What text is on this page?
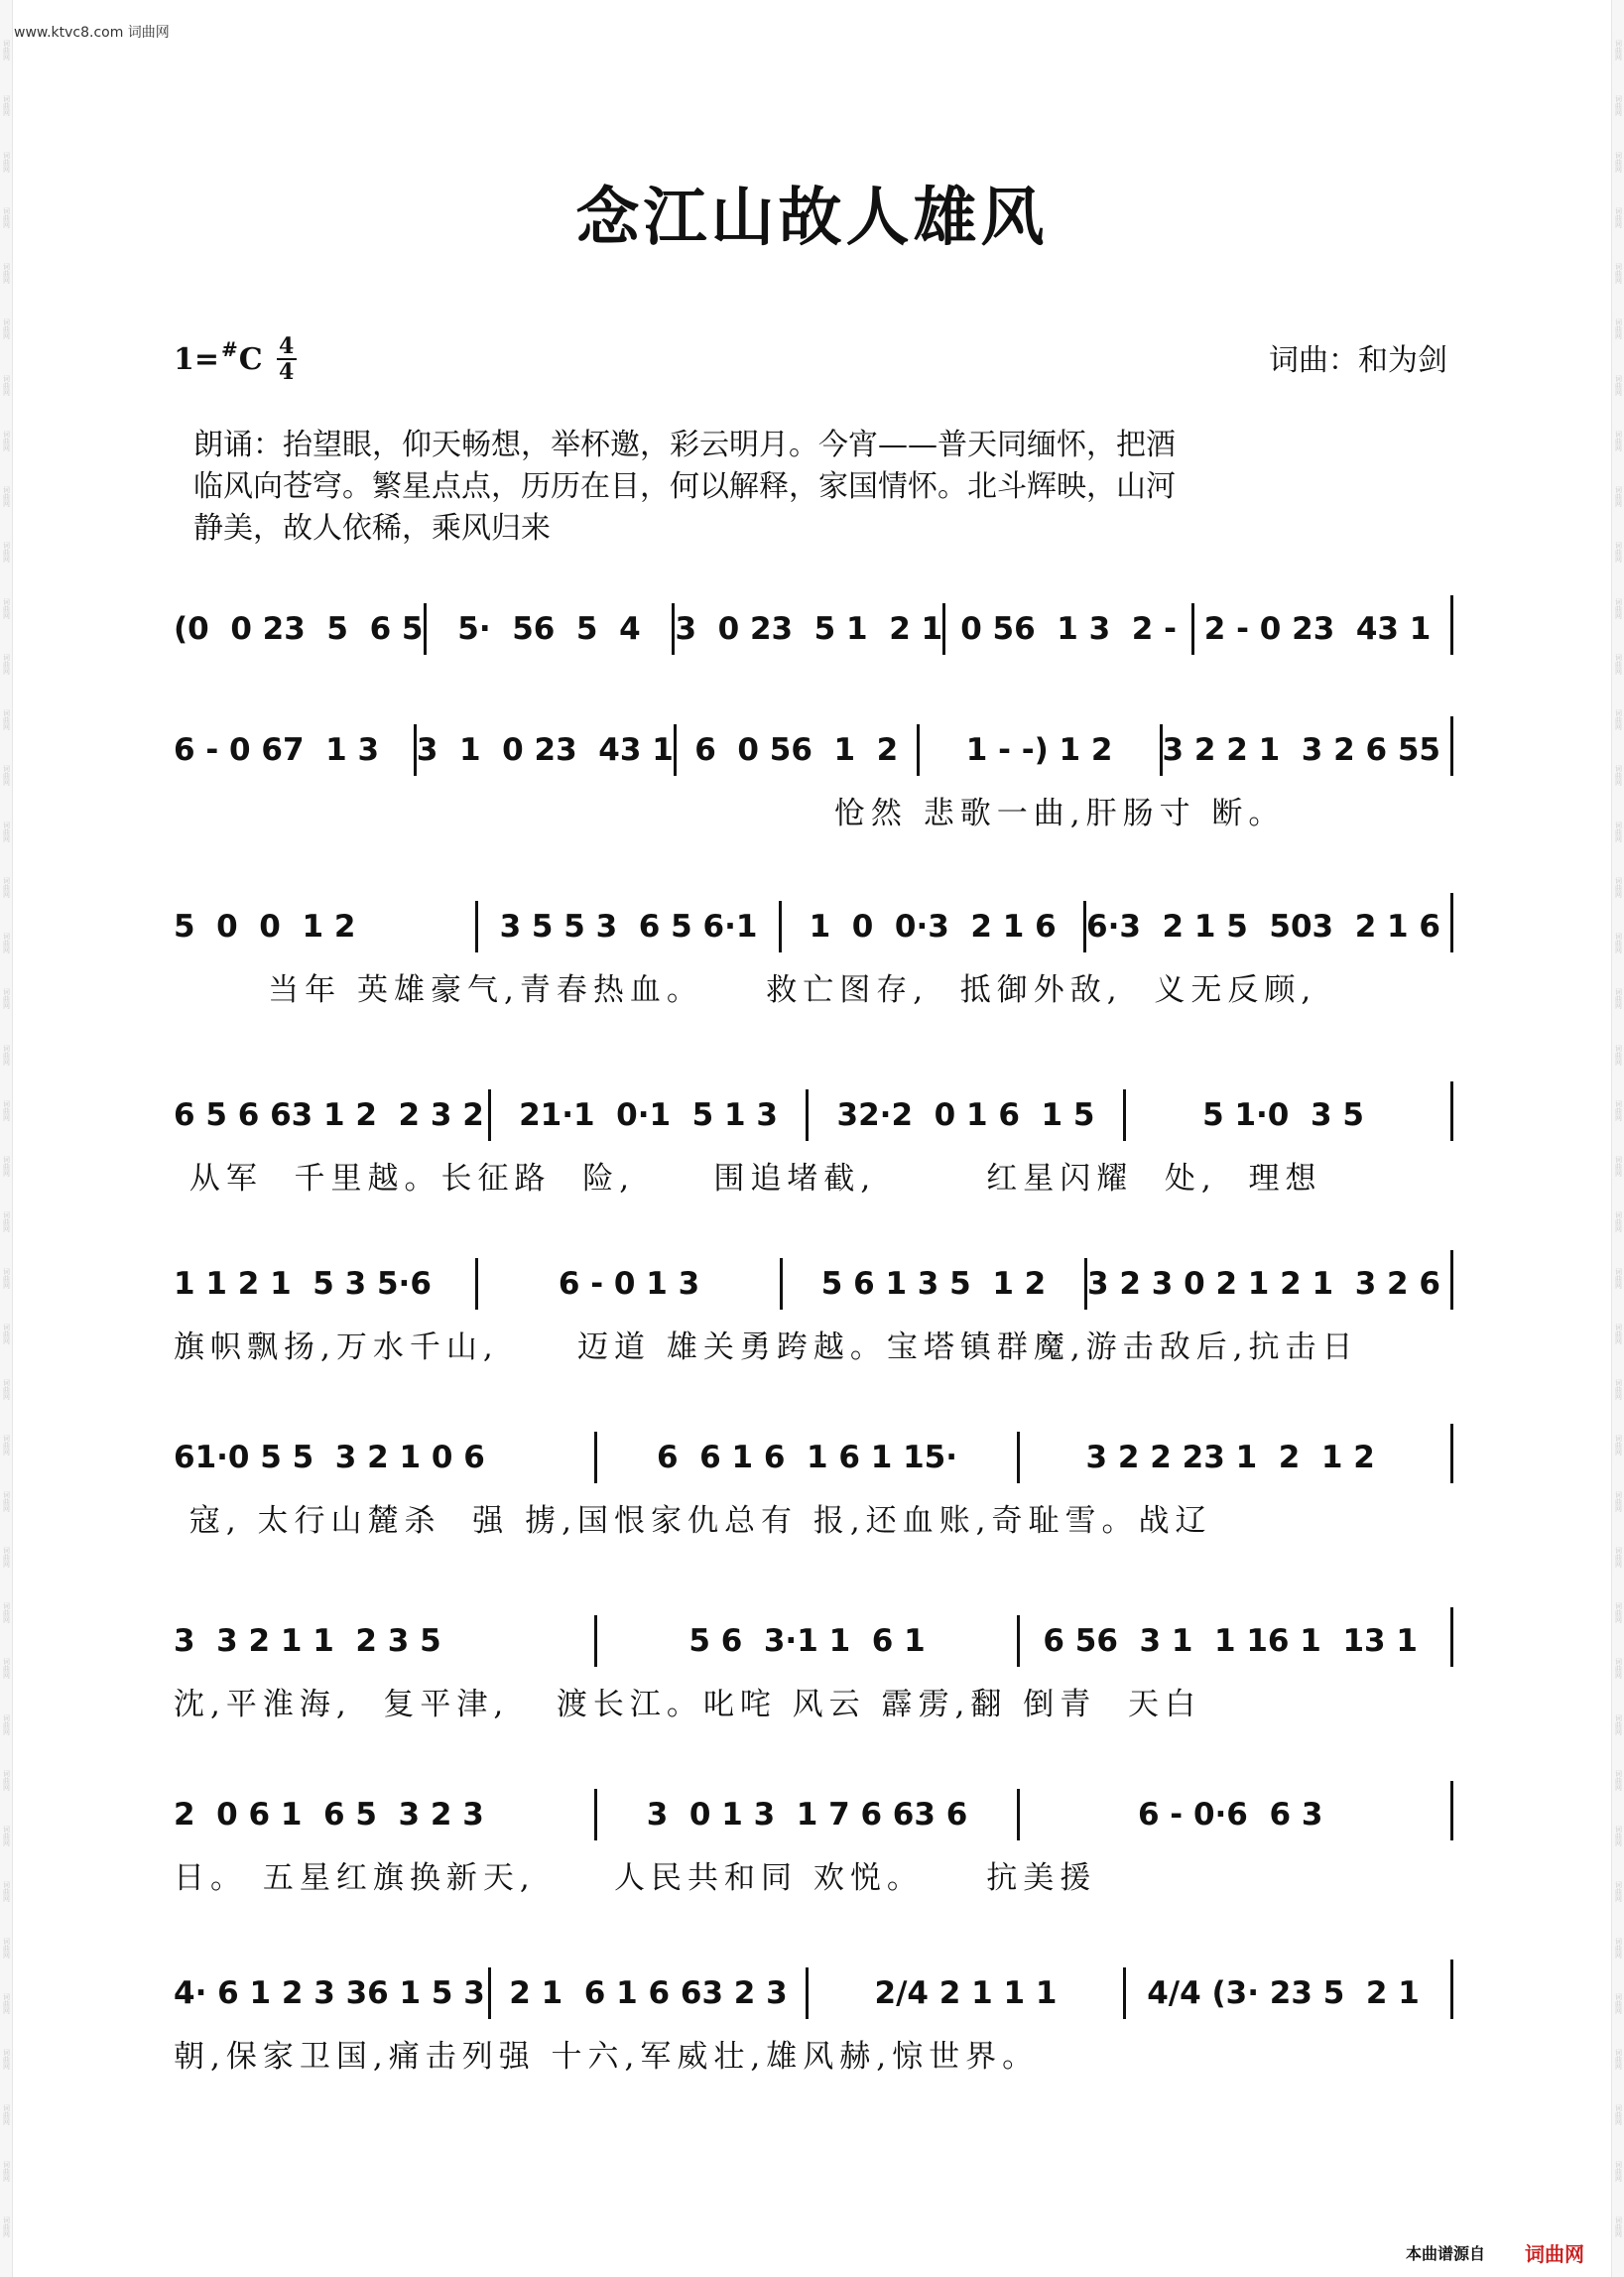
词曲网
词曲网
词曲网
词曲网
词曲网
词曲网
词曲网
词曲网
词曲网
词曲网
词曲网
词曲网
词曲网
词曲网
词曲网
词曲网
词曲网
词曲网
词曲网
词曲网
词曲网
词曲网
词曲网
词曲网
词曲网
词曲网
词曲网
词曲网
词曲网
词曲网
词曲网
词曲网
词曲网
词曲网
词曲网
词曲网
词曲网
词曲网
词曲网
词曲网
词曲网
词曲网
词曲网
词曲网
词曲网
词曲网
词曲网
词曲网
词曲网
词曲网
词曲网
词曲网
词曲网
词曲网
词曲网
词曲网
词曲网
词曲网
词曲网
词曲网
词曲网
词曲网
词曲网
词曲网
词曲网
词曲网
词曲网
词曲网
词曲网
词曲网
词曲网
词曲网
词曲网
词曲网
词曲网
词曲网
词曲网
词曲网
词曲网
词曲网
www.ktvc8.com 词曲网
念江山故人雄风
1= # C $\frac{4}{4}$	词曲：和为剑
朗诵：抬望眼，仰天畅想，举杯邀，彩云明月。今宵——普天同缅怀，把酒
临风向苍穹。繁星点点，历历在目，何以解释，家国情怀。北斗辉映，山河
静美，故人依稀，乘风归来
(0  0 23  5  6 5	5·  56  5  4	3  0 23  5 1  2 1 0 56  1 3  2 - 2 - 0 23  43 1
6 - 0 67  1 3	3  1  0 23  43 1 6  0 56  1  2	1 - -) 1 2	3 2 2 1  3 2 6 55
怆然 悲歌一曲,肝肠寸 断。
5  0  0  1 2	3 5 5 3  6 5 6·1	1  0  0·3  2 1 6 6·3  2 1 5  503  2 1 6
当年 英雄豪气,青春热血。    救亡图存,  抵御外敌,  义无反顾,
6 5 6 63 1 2  2 3 2	21·1  0·1  5 1 3	32·2  0 1 6  1 5	5 1·0  3 5
从军  千里越。长征路  险,     围追堵截,       红星闪耀  处,  理想
1 1 2 1  5 3 5·6	6 - 0 1 3	5 6 1 3 5  1 2	3 2 3 0 2 1 2 1  3 2 6
旗帜飘扬,万水千山,     迈道 雄关勇跨越。宝塔镇群魔,游击敌后,抗击日
61·0 5 5  3 2 1 0 6	6  6 1 6  1 6 1 15·	3 2 2 23 1  2  1 2
寇, 太行山麓杀  强 掳,国恨家仇总有 报,还血账,奇耻雪。战辽
3  3 2 1 1  2 3 5	5 6  3·1 1  6 1	6 56  3 1  1 16 1  13 1
沈,平淮海,  复平津,   渡长江。叱咤 风云 霹雳,翻 倒青  天白
2  0 6 1  6 5  3 2 3	3  0 1 3  1 7 6 63 6	6 - 0·6  6 3
日。 五星红旗换新天,     人民共和同 欢悦。    抗美援
4· 6 1 2 3 36 1 5 3 2 1  6 1 6 63 2 3	2/4 2 1 1 1	4/4 (3· 23 5  2 1
朝,保家卫国,痛击列强 十六,军威壮,雄风赫,惊世界。
本曲谱源自 词曲网
